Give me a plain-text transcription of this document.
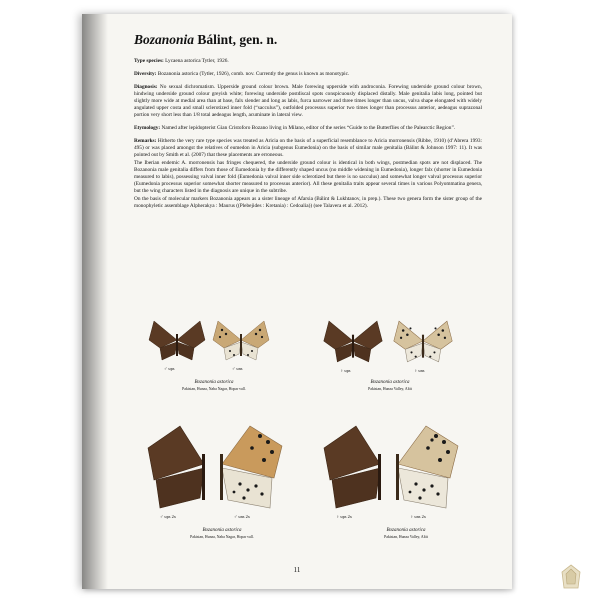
Bozanonia Bálint, gen. n.

Type species: Lycaena astorica Tytler, 1926.

Diversity: Bozanonia astorica (Tytler, 1926), comb. nov. Currently the genus is known as monotypic.

Diagnosis: No sexual dichromatism. Upperside ground colour brown. Male forewing upperside with androconia. Forewing underside ground colour brown, hindwing underside ground colour greyish white; forewing underside postdiscal spots conspicuously displaced distally. Male genitalia labis long, pointed but slightly more wide at medial area than at base, falx slender and long as labis, furca narrower and three times longer than uncus, valva shape elongated with widely angulated upper costa and small sclerotized inner fold (“sacculus”), outfolded processus superior two times longer than processus anterior, aedeagus suprazonal portion very short less than 1/8 total aedeagus length, acuminate in lateral view.

Etymology: Named after lepidopterist Gian Cristoforo Bozano living in Milano, editor of the series “Guide to the Butterflies of the Palearctic Region”.

Remarks: Hitherto the very rare type species was treated as Aricia on the basis of a superficial resemblance to Aricia morronensis (Ribbe, 1910) (d’Abrera 1993: 495) or was placed amongst the relatives of eumedon in Aricia (subgenus Eumedonia) on the basis of similar male genitalia (Bálint & Johnson 1997: 11). It was pointed out by Smith et al. (2007) that these placements are erroneous.

The Iberian endemic A. morronensis has fringes chequered, the underside ground colour is identical in both wings, postmedian spots are not displaced. The Bozanonia male genitalia differs from those of Eumedonia by the differently shaped uncus (no middle widening in Eumedonia), longer falx (shorter in Eumedonia measured to labis), possessing valval inner fold (Eumedonia valval inner side sclerotized but there is no sacculus) and somewhat longer valval processus superior (Eumedonia processus superior somewhat shorter measured to processus anterior). All these genitalia traits appear several times in various Polyommatina genera, but the wing characters listed in the diagnosis are unique in the subtribe.

On the basis of molecular markers Bozanonia appears as a sister lineage of Afarsia (Bálint & Lukhtanov, in prep.). These two genera form the sister group of the monophyletic assemblage Alpherakya : Maurus ((Plebejides : Kretania) : Cedoalia)) (see Talavera et al. 2012).

♂ ups	♂ uns
Bozanonia astorica
Pakistan, Hunza, Naba Nagar, Hopar vall.
♀ ups	♀ uns
Bozanonia astorica
Pakistan, Hunza Valley, Altit
♂ ups 2x	♂ uns 2x
Bozanonia astorica
Pakistan, Hunza, Naba Nagar, Hopar vall.
♀ ups 2x	♀ uns 2x
Bozanonia astorica
Pakistan, Hunza Valley, Altit
11
